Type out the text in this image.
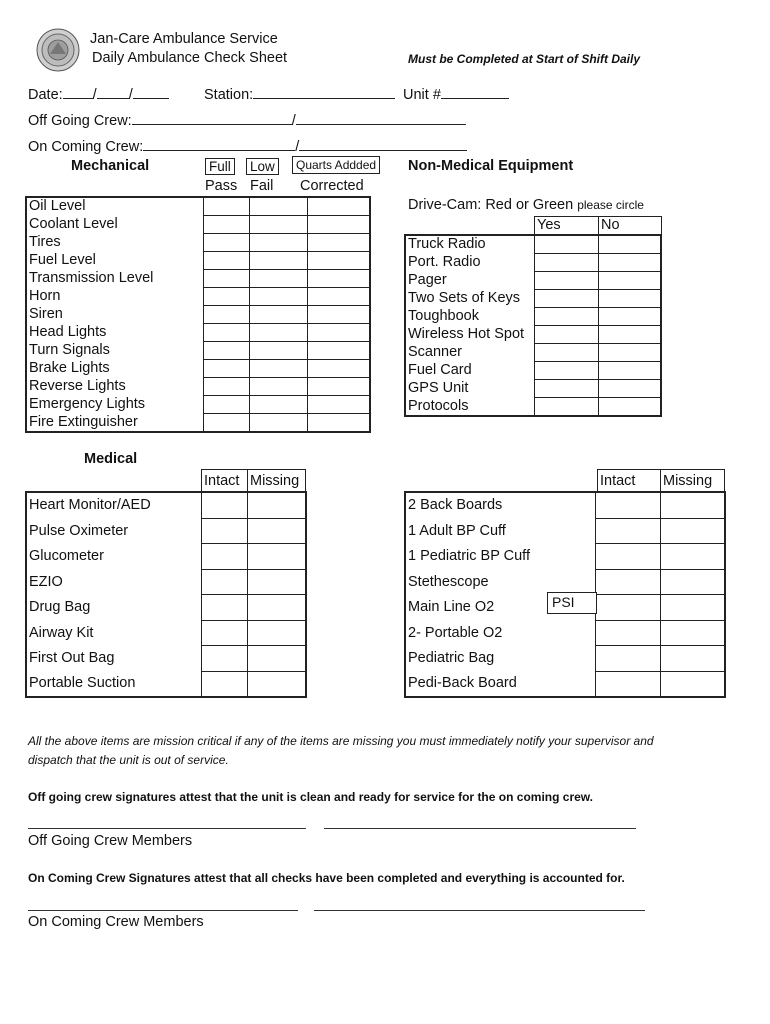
Jan-Care Ambulance Service
Daily Ambulance Check Sheet	Must be Completed at Start of Shift Daily
Date: / /	Station:	Unit #
Off Going Crew:	/
On Coming Crew:	/
Mechanical	Full Low	Quarts Addded
Pass Fail Corrected
Oil Level			
Coolant Level			
Tires			
Fuel Level			
Transmission Level			
Horn			
Siren			
Head Lights			
Turn Signals			
Brake Lights			
Reverse Lights			
Emergency Lights			
Fire Extinguisher			
Non-Medical Equipment
Drive-Cam: Red or Green please circle
Yes	No
Truck Radio		
Port. Radio		
Pager		
Two Sets of Keys		
Toughbook		
Wireless Hot Spot		
Scanner		
Fuel Card		
GPS Unit		
Protocols		
Medical
Intact	Missing
Heart Monitor/AED		
Pulse Oximeter		
Glucometer		
EZIO		
Drug Bag		
Airway Kit		
First Out Bag		
Portable Suction		
Intact	Missing
2 Back Boards		
1 Adult BP Cuff		
1 Pediatric BP Cuff		
Stethescope		
Main Line O2 PSI		

2- Portable O2		
Pediatric Bag		
Pedi-Back Board		
All the above items are mission critical if any of the items are missing you must immediately notify your supervisor and
dispatch that the unit is out of service.
Off going crew signatures attest that the unit is clean and ready for service for the on coming crew.
Off Going Crew Members
On Coming Crew Signatures attest that all checks have been completed and everything is accounted for.
On Coming Crew Members
